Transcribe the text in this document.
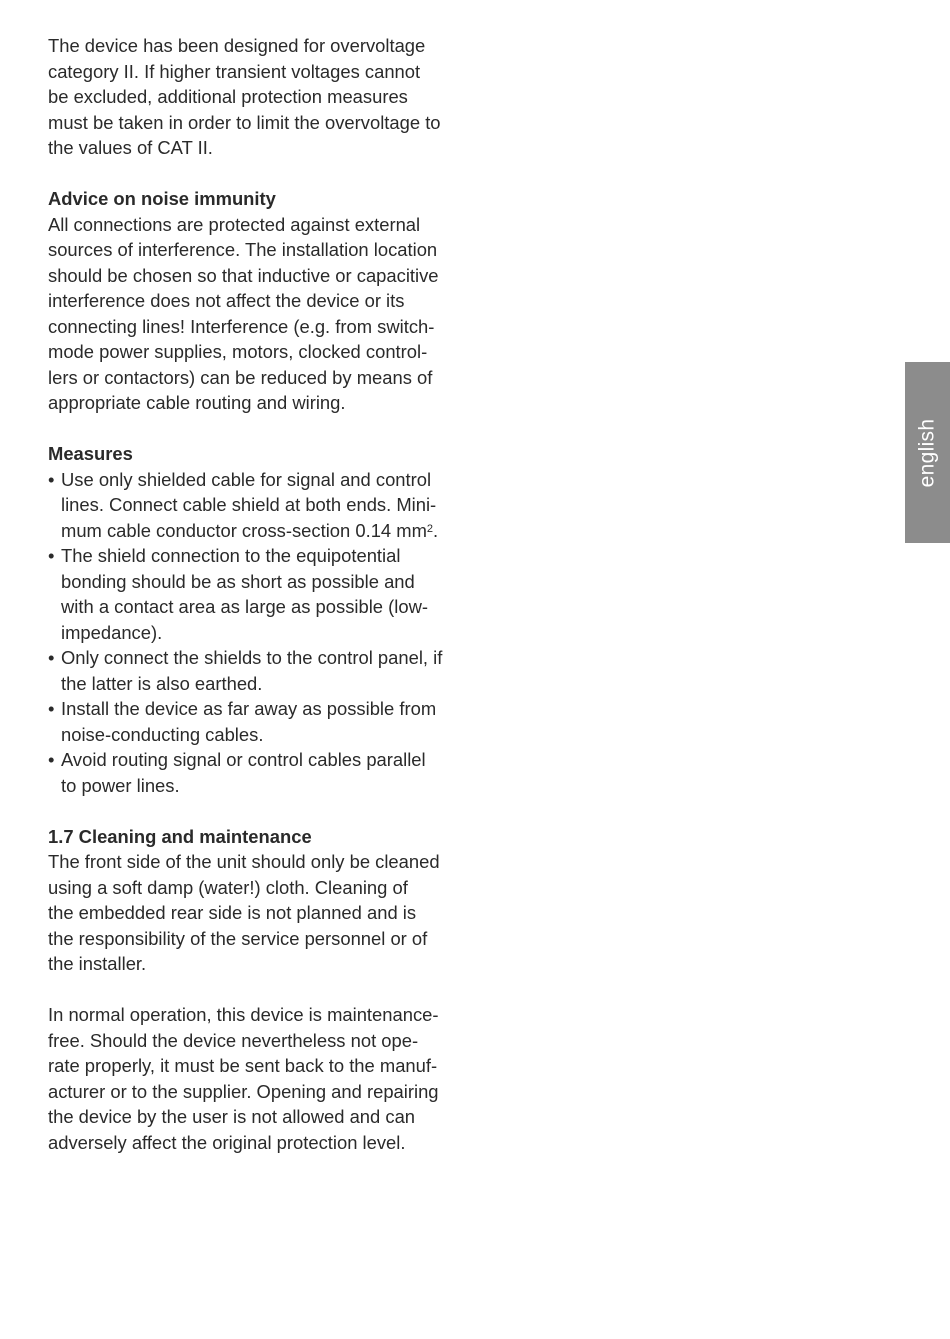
The device has been designed for overvoltage
category II. If higher transient voltages cannot
be excluded, additional protection measures
must be taken in order to limit the overvoltage to
the values of CAT II.

Advice on noise immunity

All connections are protected against external
sources of interference. The installation location
should be chosen so that inductive or capacitive
interference does not affect the device or its
connecting lines! Interference (e.g. from switch-
mode power supplies, motors, clocked control-
lers or contactors) can be reduced by means of
appropriate cable routing and wiring.

Measures

• Use only shielded cable for signal and control
lines. Connect cable shield at both ends. Mini-
mum cable conductor cross-section 0.14 $mm^2$.
• The shield connection to the equipotential
bonding should be as short as possible and
with a contact area as large as possible (low-
impedance).
• Only connect the shields to the control panel, if
the latter is also earthed.
• Install the device as far away as possible from
noise-conducting cables.
• Avoid routing signal or control cables parallel
to power lines.

1.7 Cleaning and maintenance

The front side of the unit should only be cleaned
using a soft damp (water!) cloth. Cleaning of
the embedded rear side is not planned and is
the responsibility of the service personnel or of
the installer.

In normal operation, this device is maintenance-
free. Should the device nevertheless not ope-
rate properly, it must be sent back to the manuf-
acturer or to the supplier. Opening and repairing
the device by the user is not allowed and can
adversely affect the original protection level.

english
